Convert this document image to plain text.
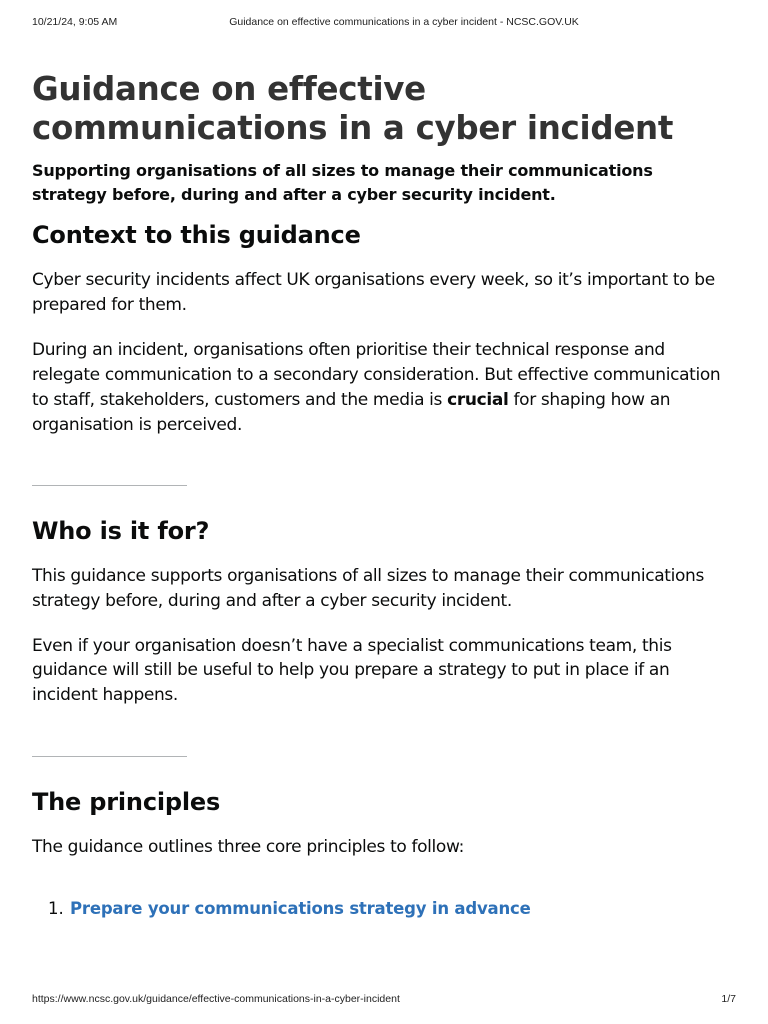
10/21/24, 9:05 AM	Guidance on effective communications in a cyber incident - NCSC.GOV.UK
Guidance on effective communications in a cyber incident

Supporting organisations of all sizes to manage their communications strategy before, during and after a cyber security incident.

Context to this guidance

Cyber security incidents affect UK organisations every week, so it’s important to be prepared for them.

During an incident, organisations often prioritise their technical response and relegate communication to a secondary consideration. But effective communication to staff, stakeholders, customers and the media is crucial for shaping how an organisation is perceived.

Who is it for?

This guidance supports organisations of all sizes to manage their communications strategy before, during and after a cyber security incident.

Even if your organisation doesn’t have a specialist communications team, this guidance will still be useful to help you prepare a strategy to put in place if an incident happens.

The principles

The guidance outlines three core principles to follow:

1. Prepare your communications strategy in advance
https://www.ncsc.gov.uk/guidance/effective-communications-in-a-cyber-incident	1/7
